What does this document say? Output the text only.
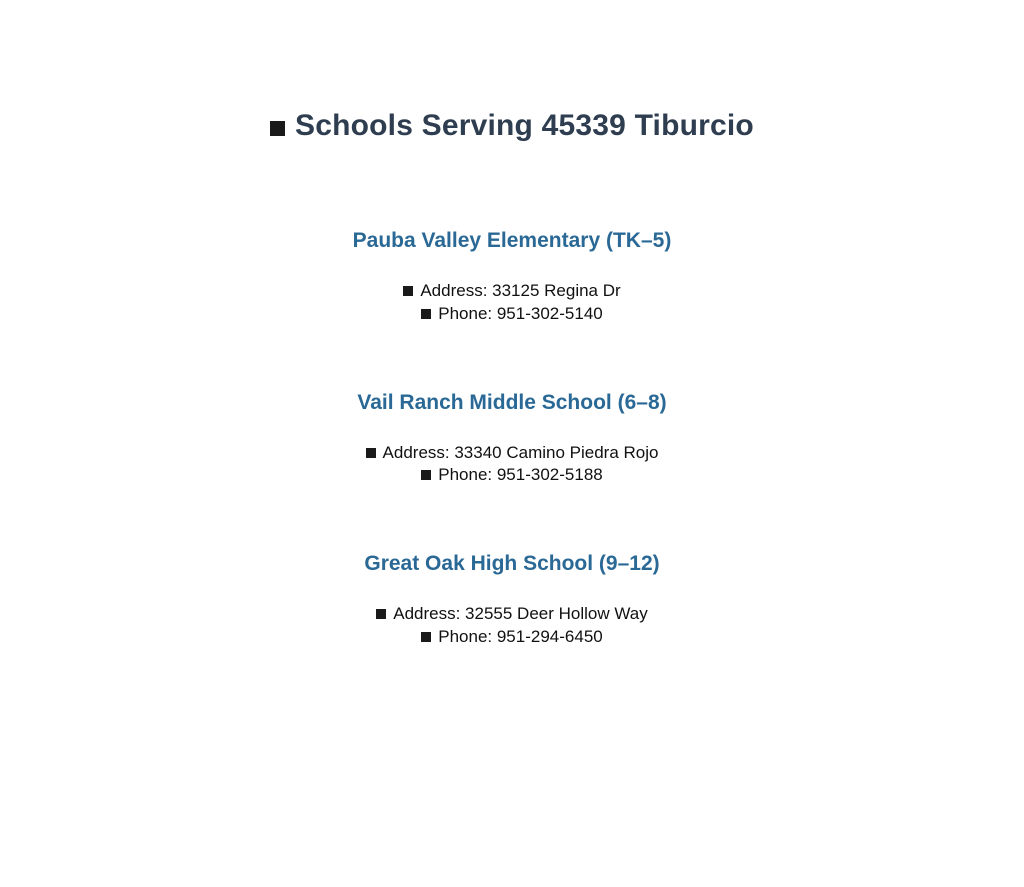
Schools Serving 45339 Tiburcio
Pauba Valley Elementary (TK–5)

Address: 33125 Regina Dr

Phone: 951-302-5140

Vail Ranch Middle School (6–8)

Address: 33340 Camino Piedra Rojo

Phone: 951-302-5188

Great Oak High School (9–12)

Address: 32555 Deer Hollow Way

Phone: 951-294-6450
